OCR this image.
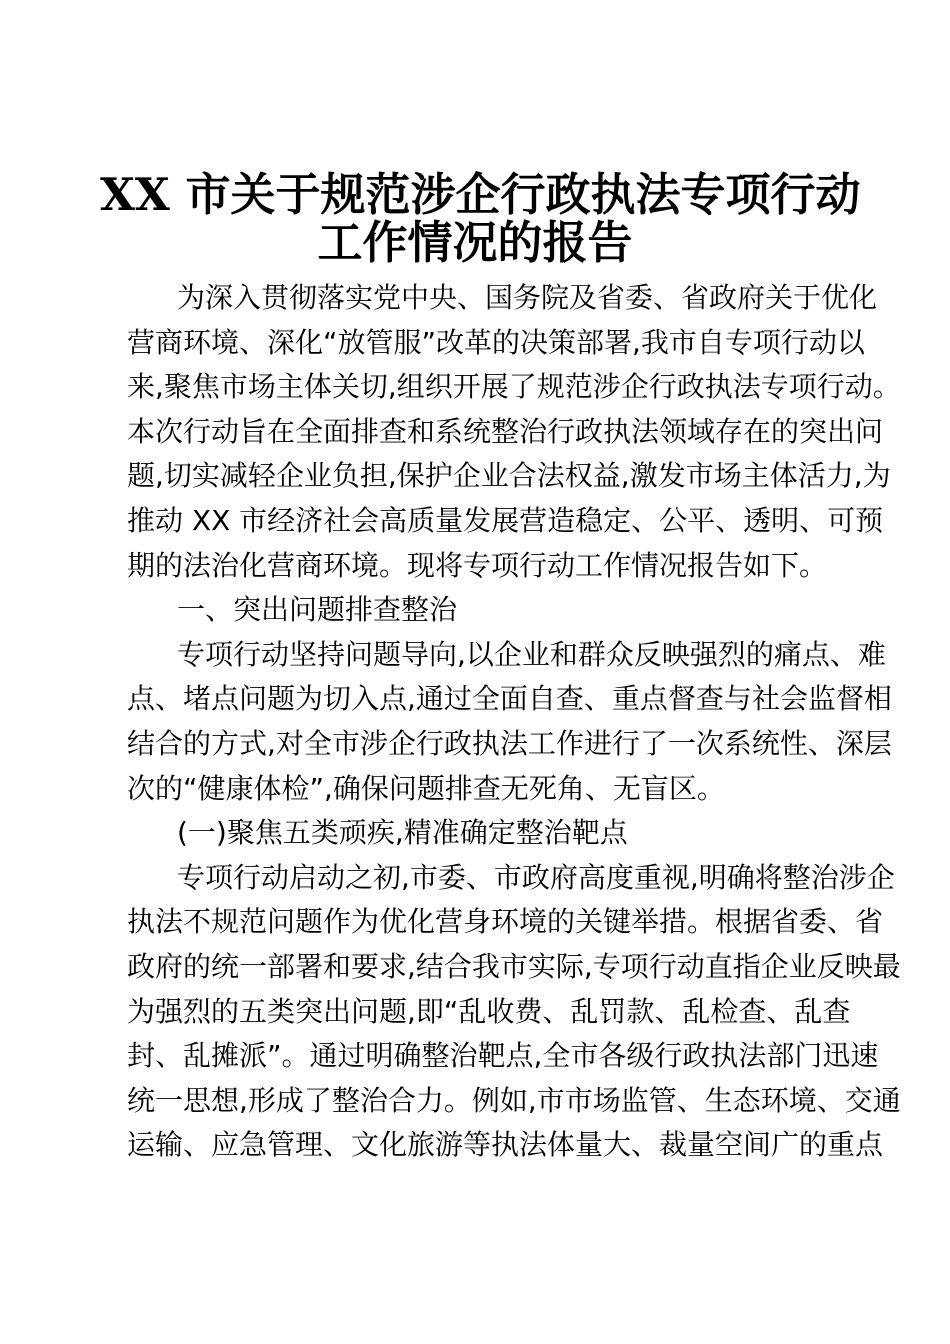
XX 市关于规范涉企行政执法专项行动
工作情况的报告
为深入贯彻落实党中央、国务院及省委、省政府关于优化
营商环境、深化“放管服”改革的决策部署,我市自专项行动以
来,聚焦市场主体关切,组织开展了规范涉企行政执法专项行动。
本次行动旨在全面排查和系统整治行政执法领域存在的突出问
题,切实减轻企业负担,保护企业合法权益,激发市场主体活力,为
推动 XX 市经济社会高质量发展营造稳定、公平、透明、可预
期的法治化营商环境。现将专项行动工作情况报告如下。
一、突出问题排查整治
专项行动坚持问题导向,以企业和群众反映强烈的痛点、难
点、堵点问题为切入点,通过全面自查、重点督查与社会监督相
结合的方式,对全市涉企行政执法工作进行了一次系统性、深层
次的“健康体检”,确保问题排查无死角、无盲区。
(一)聚焦五类顽疾,精准确定整治靶点
专项行动启动之初,市委、市政府高度重视,明确将整治涉企
执法不规范问题作为优化营身环境的关键举措。根据省委、省
政府的统一部署和要求,结合我市实际,专项行动直指企业反映最
为强烈的五类突出问题,即“乱收费、乱罚款、乱检查、乱查
封、乱摊派”。通过明确整治靶点,全市各级行政执法部门迅速
统一思想,形成了整治合力。例如,市市场监管、生态环境、交通
运输、应急管理、文化旅游等执法体量大、裁量空间广的重点
